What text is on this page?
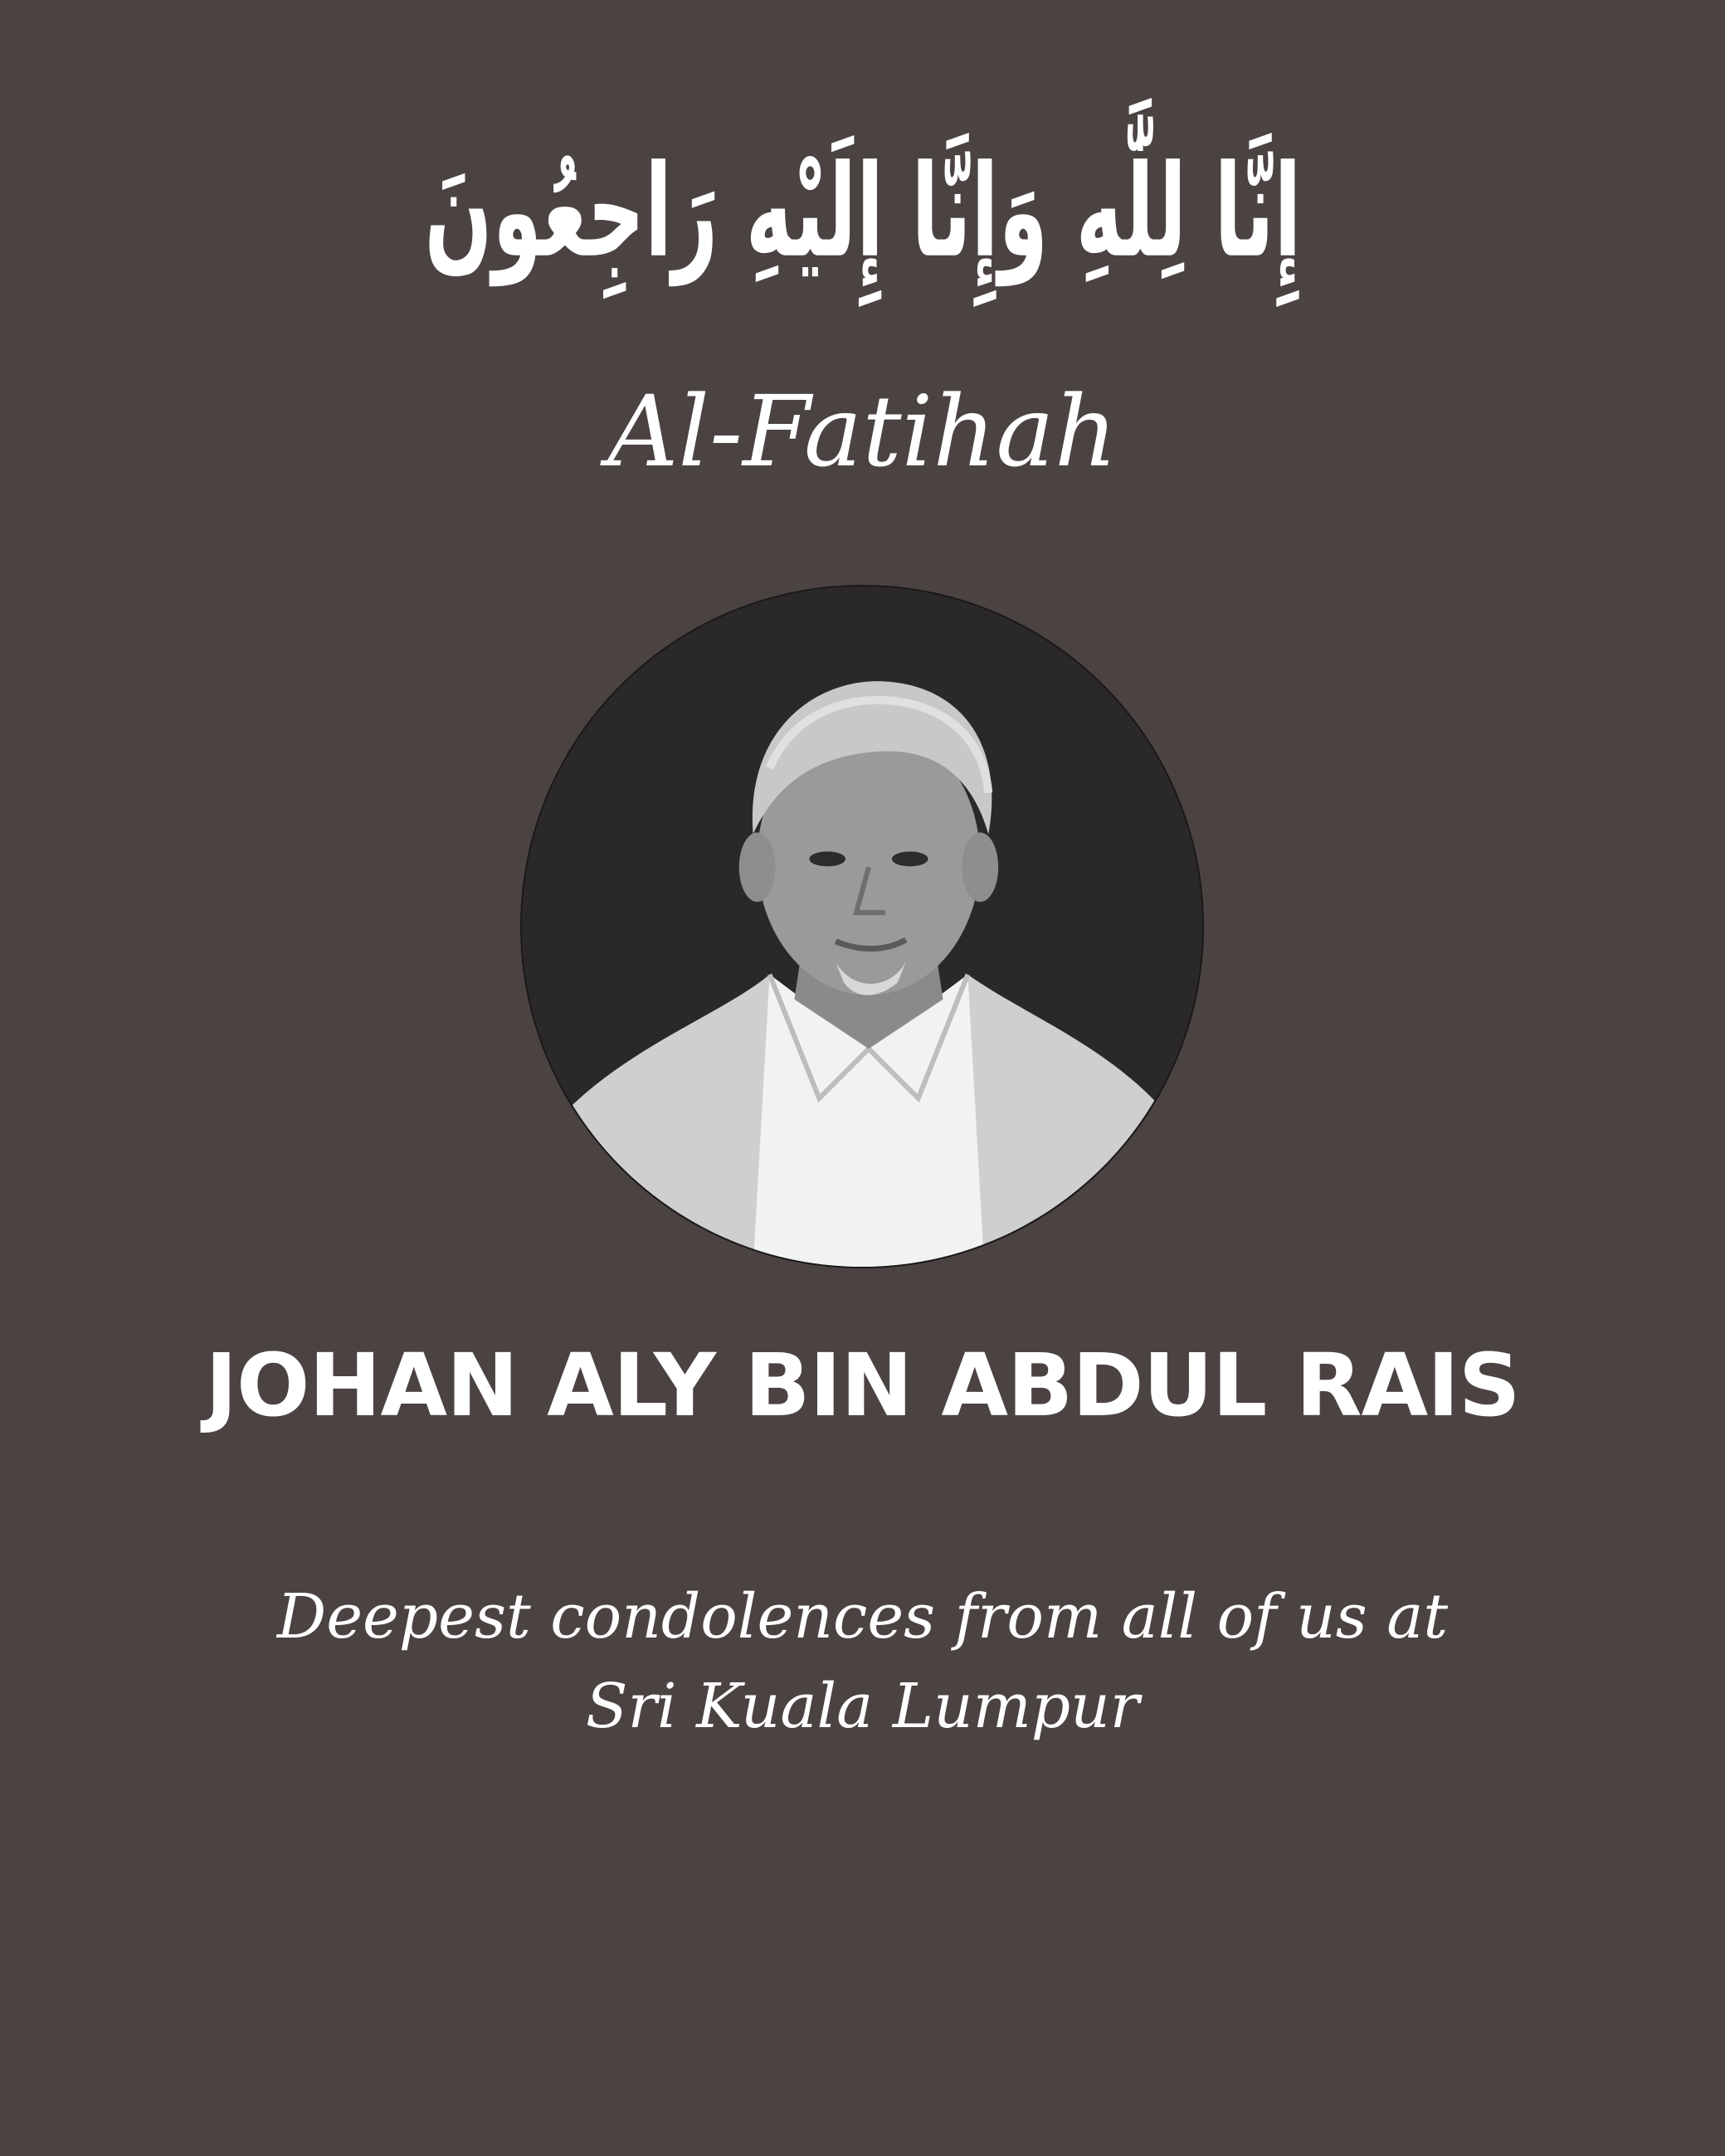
إِنَّا لِلَّٰهِ وَإِنَّا إِلَيْهِ رَاجِعُونَ
Al-Fatihah
JOHAN ALY BIN ABDUL RAIS
Deepest condolences from all of us at
Sri Kuala Lumpur
